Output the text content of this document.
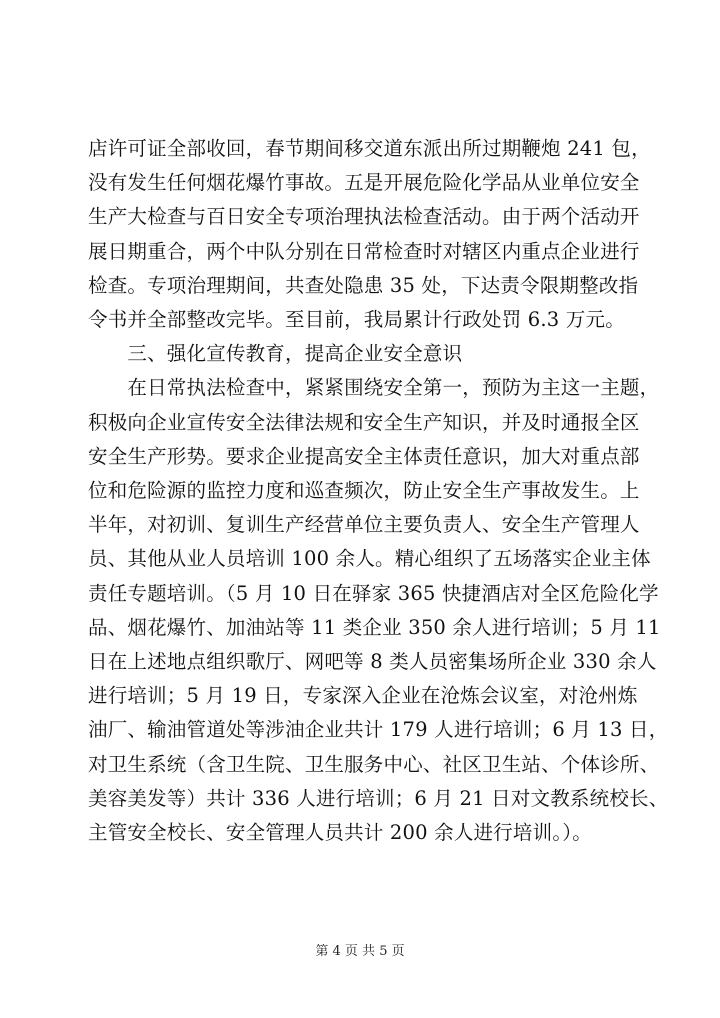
店许可证全部收回，春节期间移交道东派出所过期鞭炮 241 包，
没有发生任何烟花爆竹事故。五是开展危险化学品从业单位安全
生产大检查与百日安全专项治理执法检查活动。由于两个活动开
展日期重合，两个中队分别在日常检查时对辖区内重点企业进行
检查。专项治理期间，共查处隐患 35 处，下达责令限期整改指
令书并全部整改完毕。至目前，我局累计行政处罚 6.3 万元。
　　三、强化宣传教育，提高企业安全意识
　　在日常执法检查中，紧紧围绕安全第一，预防为主这一主题，
积极向企业宣传安全法律法规和安全生产知识，并及时通报全区
安全生产形势。要求企业提高安全主体责任意识，加大对重点部
位和危险源的监控力度和巡查频次，防止安全生产事故发生。上
半年，对初训、复训生产经营单位主要负责人、安全生产管理人
员、其他从业人员培训 100 余人。精心组织了五场落实企业主体
责任专题培训。（5 月 10 日在驿家 365 快捷酒店对全区危险化学
品、烟花爆竹、加油站等 11 类企业 350 余人进行培训；5 月 11
日在上述地点组织歌厅、网吧等 8 类人员密集场所企业 330 余人
进行培训；5 月 19 日，专家深入企业在沧炼会议室，对沧州炼
油厂、输油管道处等涉油企业共计 179 人进行培训；6 月 13 日，
对卫生系统（含卫生院、卫生服务中心、社区卫生站、个体诊所、
美容美发等）共计 336 人进行培训；6 月 21 日对文教系统校长、
主管安全校长、安全管理人员共计 200 余人进行培训。）。
第 4 页 共 5 页
